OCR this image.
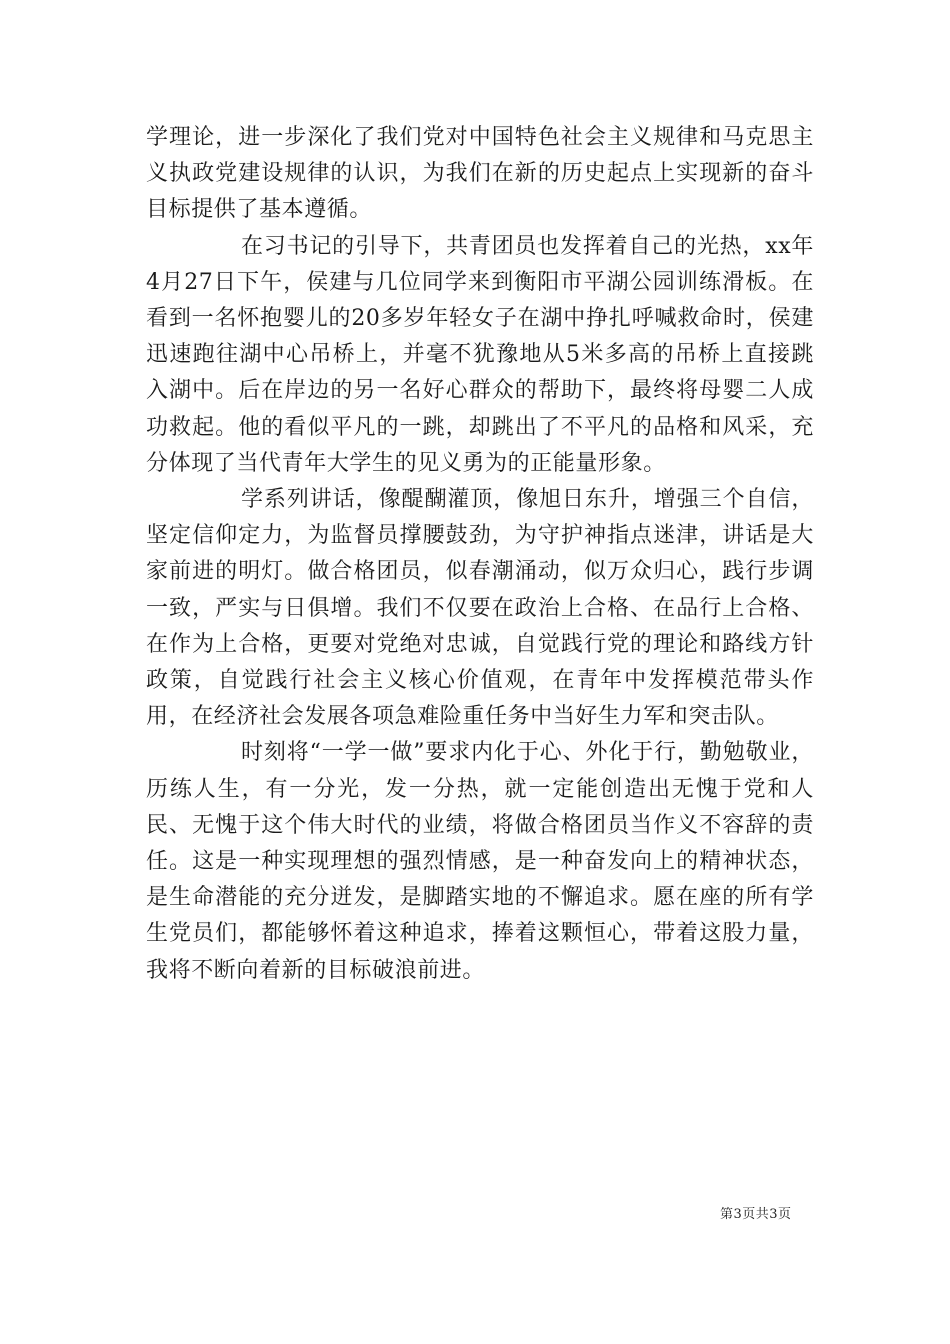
学理论，进一步深化了我们党对中国特色社会主义规律和马克思主义执政党建设规律的认识，为我们在新的历史起点上实现新的奋斗目标提供了基本遵循。

在习书记的引导下，共青团员也发挥着自己的光热，xx年4月27日下午，侯建与几位同学来到衡阳市平湖公园训练滑板。在看到一名怀抱婴儿的20多岁年轻女子在湖中挣扎呼喊救命时，侯建迅速跑往湖中心吊桥上，并毫不犹豫地从5米多高的吊桥上直接跳入湖中。后在岸边的另一名好心群众的帮助下，最终将母婴二人成功救起。他的看似平凡的一跳，却跳出了不平凡的品格和风采，充分体现了当代青年大学生的见义勇为的正能量形象。

学系列讲话，像醍醐灌顶，像旭日东升，增强三个自信，坚定信仰定力，为监督员撑腰鼓劲，为守护神指点迷津，讲话是大家前进的明灯。做合格团员，似春潮涌动，似万众归心，践行步调一致，严实与日俱增。我们不仅要在政治上合格、在品行上合格、在作为上合格，更要对党绝对忠诚，自觉践行党的理论和路线方针政策，自觉践行社会主义核心价值观，在青年中发挥模范带头作用，在经济社会发展各项急难险重任务中当好生力军和突击队。

时刻将“一学一做”要求内化于心、外化于行，勤勉敬业，历练人生，有一分光，发一分热，就一定能创造出无愧于党和人民、无愧于这个伟大时代的业绩，将做合格团员当作义不容辞的责任。这是一种实现理想的强烈情感，是一种奋发向上的精神状态，是生命潜能的充分迸发，是脚踏实地的不懈追求。愿在座的所有学生党员们，都能够怀着这种追求，捧着这颗恒心，带着这股力量，我将不断向着新的目标破浪前进。

第3页共3页
